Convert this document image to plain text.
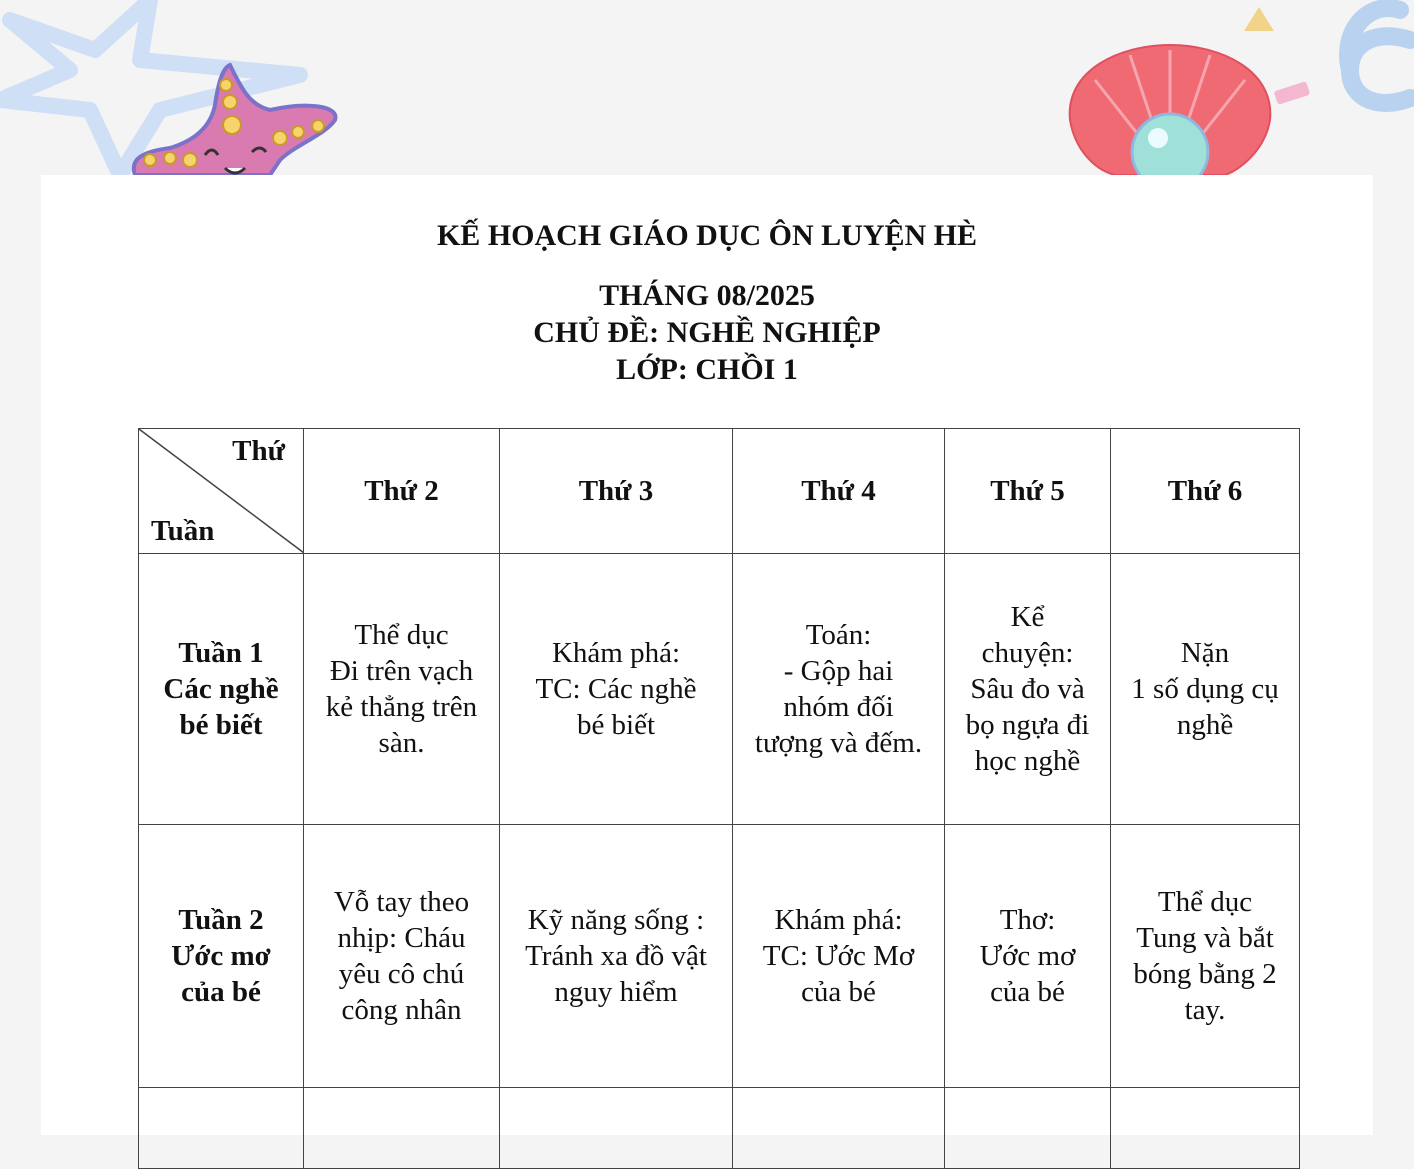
KẾ HOẠCH GIÁO DỤC ÔN LUYỆN HÈ
THÁNG 08/2025
CHỦ ĐỀ: NGHỀ NGHIỆP
LỚP: CHỒI 1
Thứ
Tuần	Thứ 2	Thứ 3	Thứ 4	Thứ 5	Thứ 6

Tuần 1
Các nghề
bé biết	Thể dục
Đi trên vạch
kẻ thẳng trên
sàn.	Khám phá:
TC: Các nghề
bé biết	Toán:
- Gộp hai
nhóm đối
tượng và đếm.	Kể
chuyện:
Sâu đo và
bọ ngựa đi
học nghề	Nặn
1 số dụng cụ
nghề

Tuần 2
Ước mơ
của bé	Vỗ tay theo
nhịp: Cháu
yêu cô chú
công nhân	Kỹ năng sống :
Tránh xa đồ vật
nguy hiểm	Khám phá:
TC: Ước Mơ
của bé	Thơ:
Ước mơ
của bé	Thể dục
Tung và bắt
bóng bằng 2
tay.
